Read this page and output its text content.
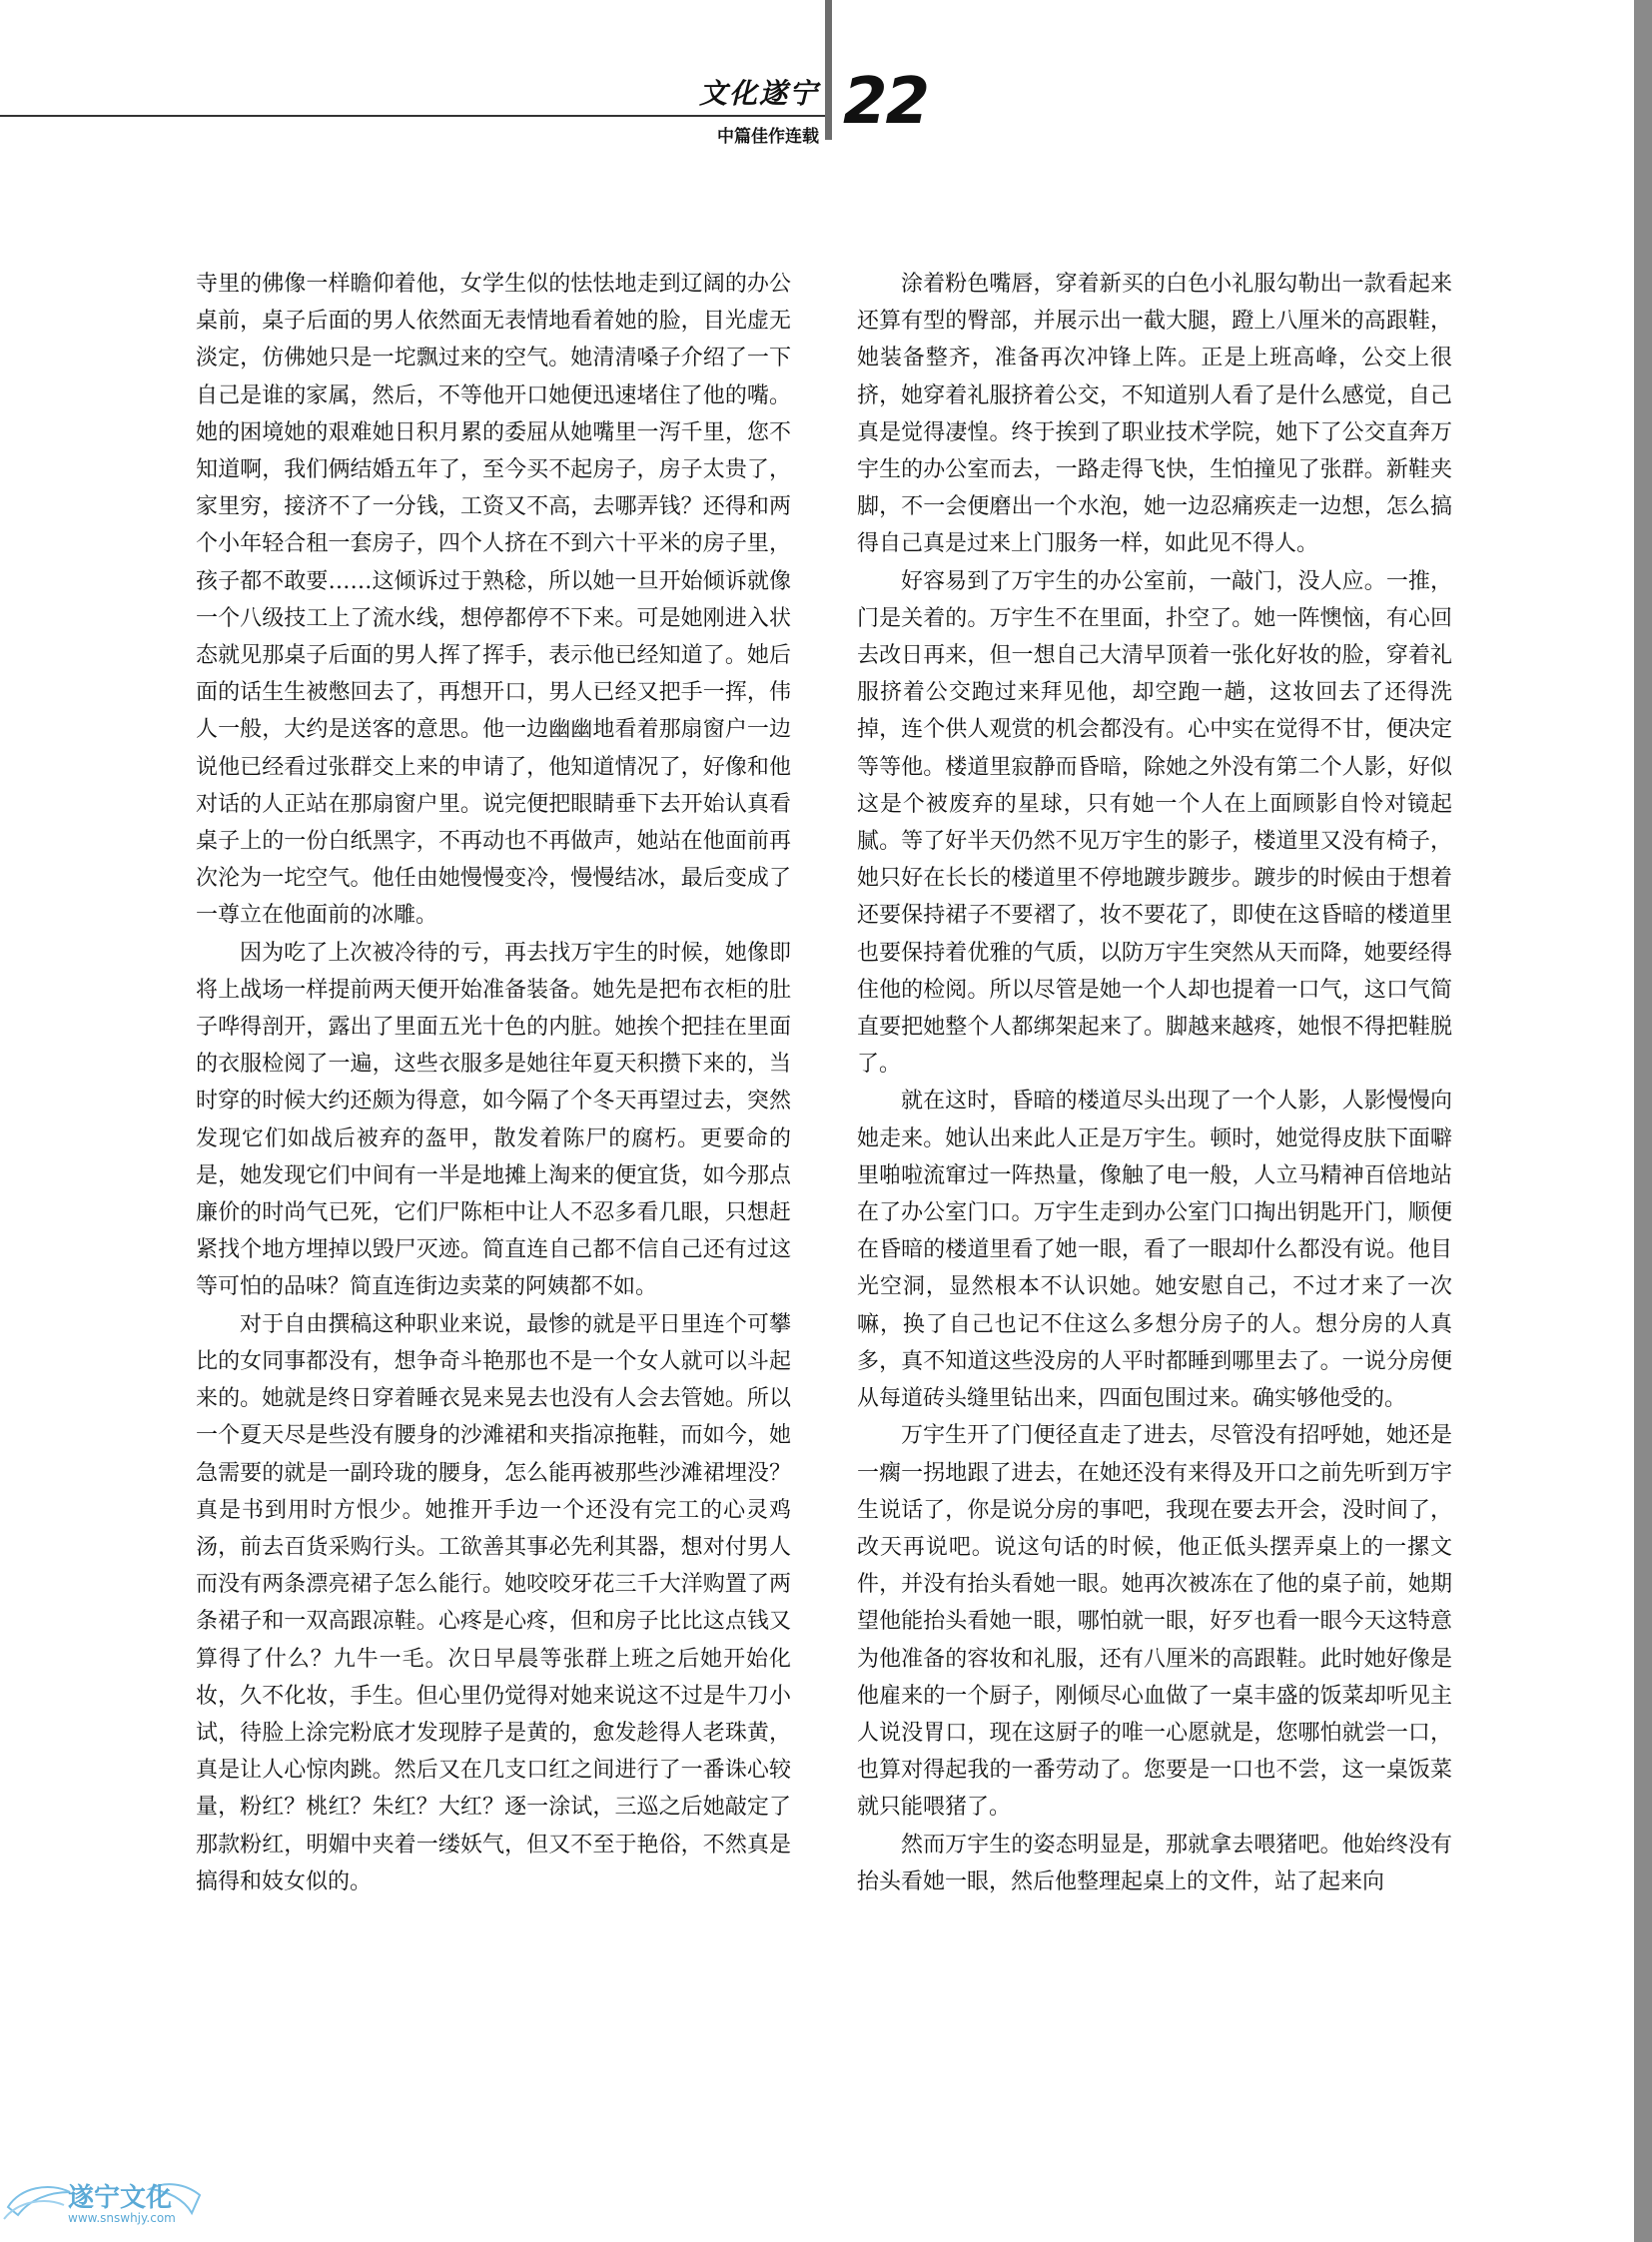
文化遂宁
中篇佳作连载 22

寺里的佛像一样瞻仰着他，女学生似的怯怯地走到辽阔的办公桌前，桌子后面的男人依然面无表情地看着她的脸，目光虚无淡定，仿佛她只是一坨飘过来的空气。她清清嗓子介绍了一下自己是谁的家属，然后，不等他开口她便迅速堵住了他的嘴。她的困境她的艰难她日积月累的委屈从她嘴里一泻千里，您不知道啊，我们俩结婚五年了，至今买不起房子，房子太贵了，家里穷，接济不了一分钱，工资又不高，去哪弄钱？还得和两个小年轻合租一套房子，四个人挤在不到六十平米的房子里，孩子都不敢要……这倾诉过于熟稔，所以她一旦开始倾诉就像一个八级技工上了流水线，想停都停不下来。可是她刚进入状态就见那桌子后面的男人挥了挥手，表示他已经知道了。她后面的话生生被憋回去了，再想开口，男人已经又把手一挥，伟人一般，大约是送客的意思。他一边幽幽地看着那扇窗户一边说他已经看过张群交上来的申请了，他知道情况了，好像和他对话的人正站在那扇窗户里。说完便把眼睛垂下去开始认真看桌子上的一份白纸黑字，不再动也不再做声，她站在他面前再次沦为一坨空气。他任由她慢慢变冷，慢慢结冰，最后变成了一尊立在他面前的冰雕。

因为吃了上次被冷待的亏，再去找万宇生的时候，她像即将上战场一样提前两天便开始准备装备。她先是把布衣柜的肚子哗得剖开，露出了里面五光十色的内脏。她挨个把挂在里面的衣服检阅了一遍，这些衣服多是她往年夏天积攒下来的，当时穿的时候大约还颇为得意，如今隔了个冬天再望过去，突然发现它们如战后被弃的盔甲，散发着陈尸的腐朽。更要命的是，她发现它们中间有一半是地摊上淘来的便宜货，如今那点廉价的时尚气已死，它们尸陈柜中让人不忍多看几眼，只想赶紧找个地方埋掉以毁尸灭迹。简直连自己都不信自己还有过这等可怕的品味？简直连街边卖菜的阿姨都不如。

对于自由撰稿这种职业来说，最惨的就是平日里连个可攀比的女同事都没有，想争奇斗艳那也不是一个女人就可以斗起来的。她就是终日穿着睡衣晃来晃去也没有人会去管她。所以一个夏天尽是些没有腰身的沙滩裙和夹指凉拖鞋，而如今，她急需要的就是一副玲珑的腰身，怎么能再被那些沙滩裙埋没？真是书到用时方恨少。她推开手边一个还没有完工的心灵鸡汤，前去百货采购行头。工欲善其事必先利其器，想对付男人而没有两条漂亮裙子怎么能行。她咬咬牙花三千大洋购置了两条裙子和一双高跟凉鞋。心疼是心疼，但和房子比比这点钱又算得了什么？九牛一毛。次日早晨等张群上班之后她开始化妆，久不化妆，手生。但心里仍觉得对她来说这不过是牛刀小试，待脸上涂完粉底才发现脖子是黄的，愈发趁得人老珠黄，真是让人心惊肉跳。然后又在几支口红之间进行了一番诛心较量，粉红？桃红？朱红？大红？逐一涂试，三巡之后她敲定了那款粉红，明媚中夹着一缕妖气，但又不至于艳俗，不然真是搞得和妓女似的。

涂着粉色嘴唇，穿着新买的白色小礼服勾勒出一款看起来还算有型的臀部，并展示出一截大腿，蹬上八厘米的高跟鞋，她装备整齐，准备再次冲锋上阵。正是上班高峰，公交上很挤，她穿着礼服挤着公交，不知道别人看了是什么感觉，自己真是觉得凄惶。终于挨到了职业技术学院，她下了公交直奔万宇生的办公室而去，一路走得飞快，生怕撞见了张群。新鞋夹脚，不一会便磨出一个水泡，她一边忍痛疾走一边想，怎么搞得自己真是过来上门服务一样，如此见不得人。

好容易到了万宇生的办公室前，一敲门，没人应。一推，门是关着的。万宇生不在里面，扑空了。她一阵懊恼，有心回去改日再来，但一想自己大清早顶着一张化好妆的脸，穿着礼服挤着公交跑过来拜见他，却空跑一趟，这妆回去了还得洗掉，连个供人观赏的机会都没有。心中实在觉得不甘，便决定等等他。楼道里寂静而昏暗，除她之外没有第二个人影，好似这是个被废弃的星球，只有她一个人在上面顾影自怜对镜起腻。等了好半天仍然不见万宇生的影子，楼道里又没有椅子，她只好在长长的楼道里不停地踱步踱步。踱步的时候由于想着还要保持裙子不要褶了，妆不要花了，即使在这昏暗的楼道里也要保持着优雅的气质，以防万宇生突然从天而降，她要经得住他的检阅。所以尽管是她一个人却也提着一口气，这口气简直要把她整个人都绑架起来了。脚越来越疼，她恨不得把鞋脱了。

就在这时，昏暗的楼道尽头出现了一个人影，人影慢慢向她走来。她认出来此人正是万宇生。顿时，她觉得皮肤下面噼里啪啦流窜过一阵热量，像触了电一般，人立马精神百倍地站在了办公室门口。万宇生走到办公室门口掏出钥匙开门，顺便在昏暗的楼道里看了她一眼，看了一眼却什么都没有说。他目光空洞，显然根本不认识她。她安慰自己，不过才来了一次嘛，换了自己也记不住这么多想分房子的人。想分房的人真多，真不知道这些没房的人平时都睡到哪里去了。一说分房便从每道砖头缝里钻出来，四面包围过来。确实够他受的。

万宇生开了门便径直走了进去，尽管没有招呼她，她还是一瘸一拐地跟了进去，在她还没有来得及开口之前先听到万宇生说话了，你是说分房的事吧，我现在要去开会，没时间了，改天再说吧。说这句话的时候，他正低头摆弄桌上的一摞文件，并没有抬头看她一眼。她再次被冻在了他的桌子前，她期望他能抬头看她一眼，哪怕就一眼，好歹也看一眼今天这特意为他准备的容妆和礼服，还有八厘米的高跟鞋。此时她好像是他雇来的一个厨子，刚倾尽心血做了一桌丰盛的饭菜却听见主人说没胃口，现在这厨子的唯一心愿就是，您哪怕就尝一口，也算对得起我的一番劳动了。您要是一口也不尝，这一桌饭菜就只能喂猪了。

然而万宇生的姿态明显是，那就拿去喂猪吧。他始终没有抬头看她一眼，然后他整理起桌上的文件，站了起来向

遂宁文化
www.snswhjy.com
